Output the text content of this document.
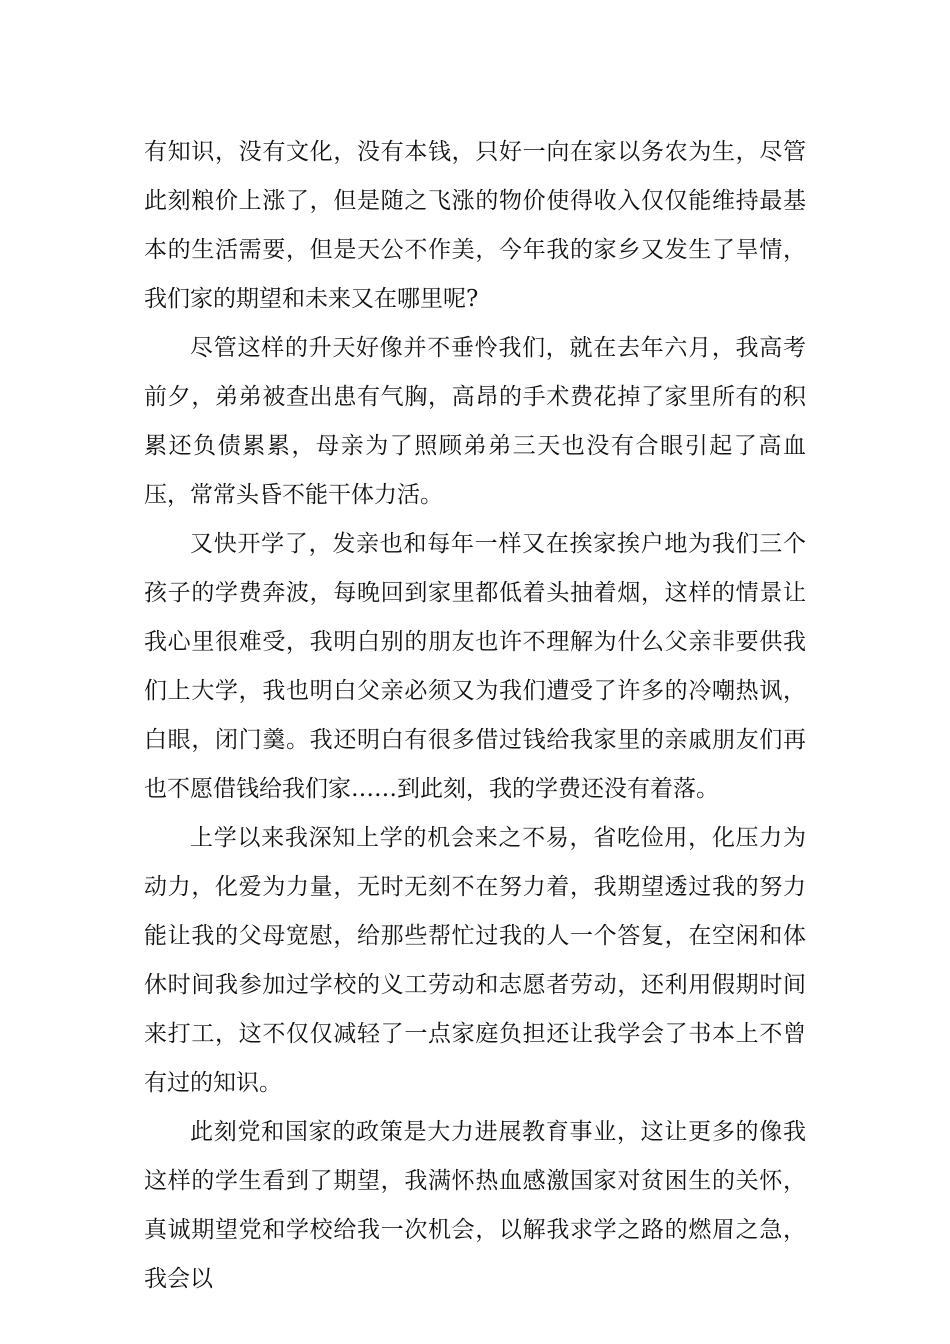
有知识，没有文化，没有本钱，只好一向在家以务农为生，尽管此刻粮价上涨了，但是随之飞涨的物价使得收入仅仅能维持最基本的生活需要，但是天公不作美，今年我的家乡又发生了旱情，我们家的期望和未来又在哪里呢?

尽管这样的升天好像并不垂怜我们，就在去年六月，我高考前夕，弟弟被查出患有气胸，高昂的手术费花掉了家里所有的积累还负债累累，母亲为了照顾弟弟三天也没有合眼引起了高血压，常常头昏不能干体力活。

又快开学了，发亲也和每年一样又在挨家挨户地为我们三个孩子的学费奔波，每晚回到家里都低着头抽着烟，这样的情景让我心里很难受，我明白别的朋友也许不理解为什么父亲非要供我们上大学，我也明白父亲必须又为我们遭受了许多的冷嘲热讽，白眼，闭门羹。我还明白有很多借过钱给我家里的亲戚朋友们再也不愿借钱给我们家……到此刻，我的学费还没有着落。

上学以来我深知上学的机会来之不易，省吃俭用，化压力为动力，化爱为力量，无时无刻不在努力着，我期望透过我的努力能让我的父母宽慰，给那些帮忙过我的人一个答复，在空闲和体休时间我参加过学校的义工劳动和志愿者劳动，还利用假期时间来打工，这不仅仅减轻了一点家庭负担还让我学会了书本上不曾有过的知识。

此刻党和国家的政策是大力进展教育事业，这让更多的像我这样的学生看到了期望，我满怀热血感激国家对贫困生的关怀，真诚期望党和学校给我一次机会，以解我求学之路的燃眉之急，我会以
